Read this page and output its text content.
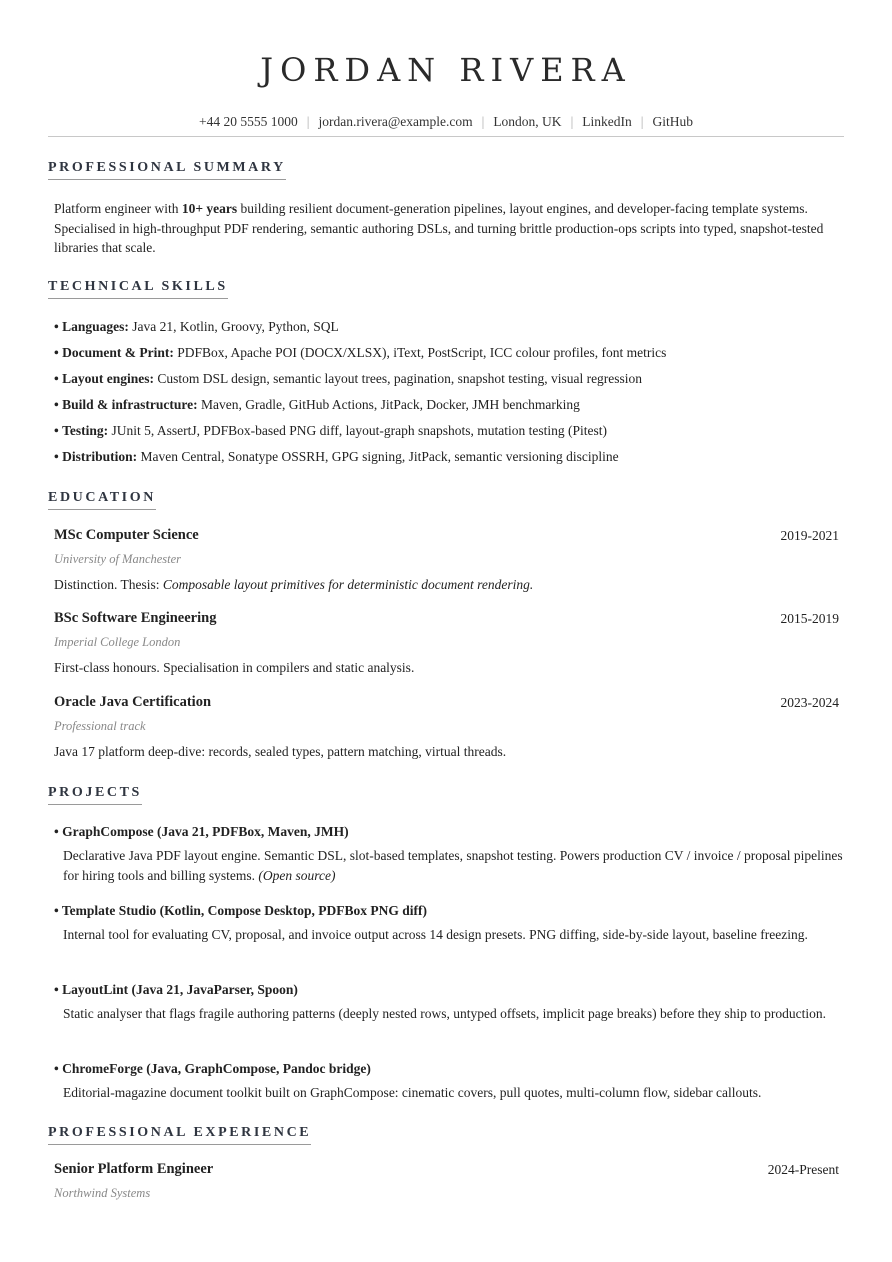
JORDAN RIVERA
+44 20 5555 1000 | jordan.rivera@example.com | London, UK | LinkedIn | GitHub
PROFESSIONAL SUMMARY
Platform engineer with 10+ years building resilient document-generation pipelines, layout engines, and developer-facing template systems. Specialised in high-throughput PDF rendering, semantic authoring DSLs, and turning brittle production-ops scripts into typed, snapshot-tested libraries that scale.
TECHNICAL SKILLS
• Languages: Java 21, Kotlin, Groovy, Python, SQL
• Document & Print: PDFBox, Apache POI (DOCX/XLSX), iText, PostScript, ICC colour profiles, font metrics
• Layout engines: Custom DSL design, semantic layout trees, pagination, snapshot testing, visual regression
• Build & infrastructure: Maven, Gradle, GitHub Actions, JitPack, Docker, JMH benchmarking
• Testing: JUnit 5, AssertJ, PDFBox-based PNG diff, layout-graph snapshots, mutation testing (Pitest)
• Distribution: Maven Central, Sonatype OSSRH, GPG signing, JitPack, semantic versioning discipline
EDUCATION
MSc Computer Science	2019-2021
University of Manchester
Distinction. Thesis: Composable layout primitives for deterministic document rendering.
BSc Software Engineering	2015-2019
Imperial College London
First-class honours. Specialisation in compilers and static analysis.
Oracle Java Certification	2023-2024
Professional track
Java 17 platform deep-dive: records, sealed types, pattern matching, virtual threads.
PROJECTS
• GraphCompose (Java 21, PDFBox, Maven, JMH)
Declarative Java PDF layout engine. Semantic DSL, slot-based templates, snapshot testing. Powers production CV / invoice / proposal pipelines for hiring tools and billing systems. (Open source)
• Template Studio (Kotlin, Compose Desktop, PDFBox PNG diff)
Internal tool for evaluating CV, proposal, and invoice output across 14 design presets. PNG diffing, side-by-side layout, baseline freezing.
• LayoutLint (Java 21, JavaParser, Spoon)
Static analyser that flags fragile authoring patterns (deeply nested rows, untyped offsets, implicit page breaks) before they ship to production.
• ChromeForge (Java, GraphCompose, Pandoc bridge)
Editorial-magazine document toolkit built on GraphCompose: cinematic covers, pull quotes, multi-column flow, sidebar callouts.
PROFESSIONAL EXPERIENCE
Senior Platform Engineer	2024-Present
Northwind Systems
